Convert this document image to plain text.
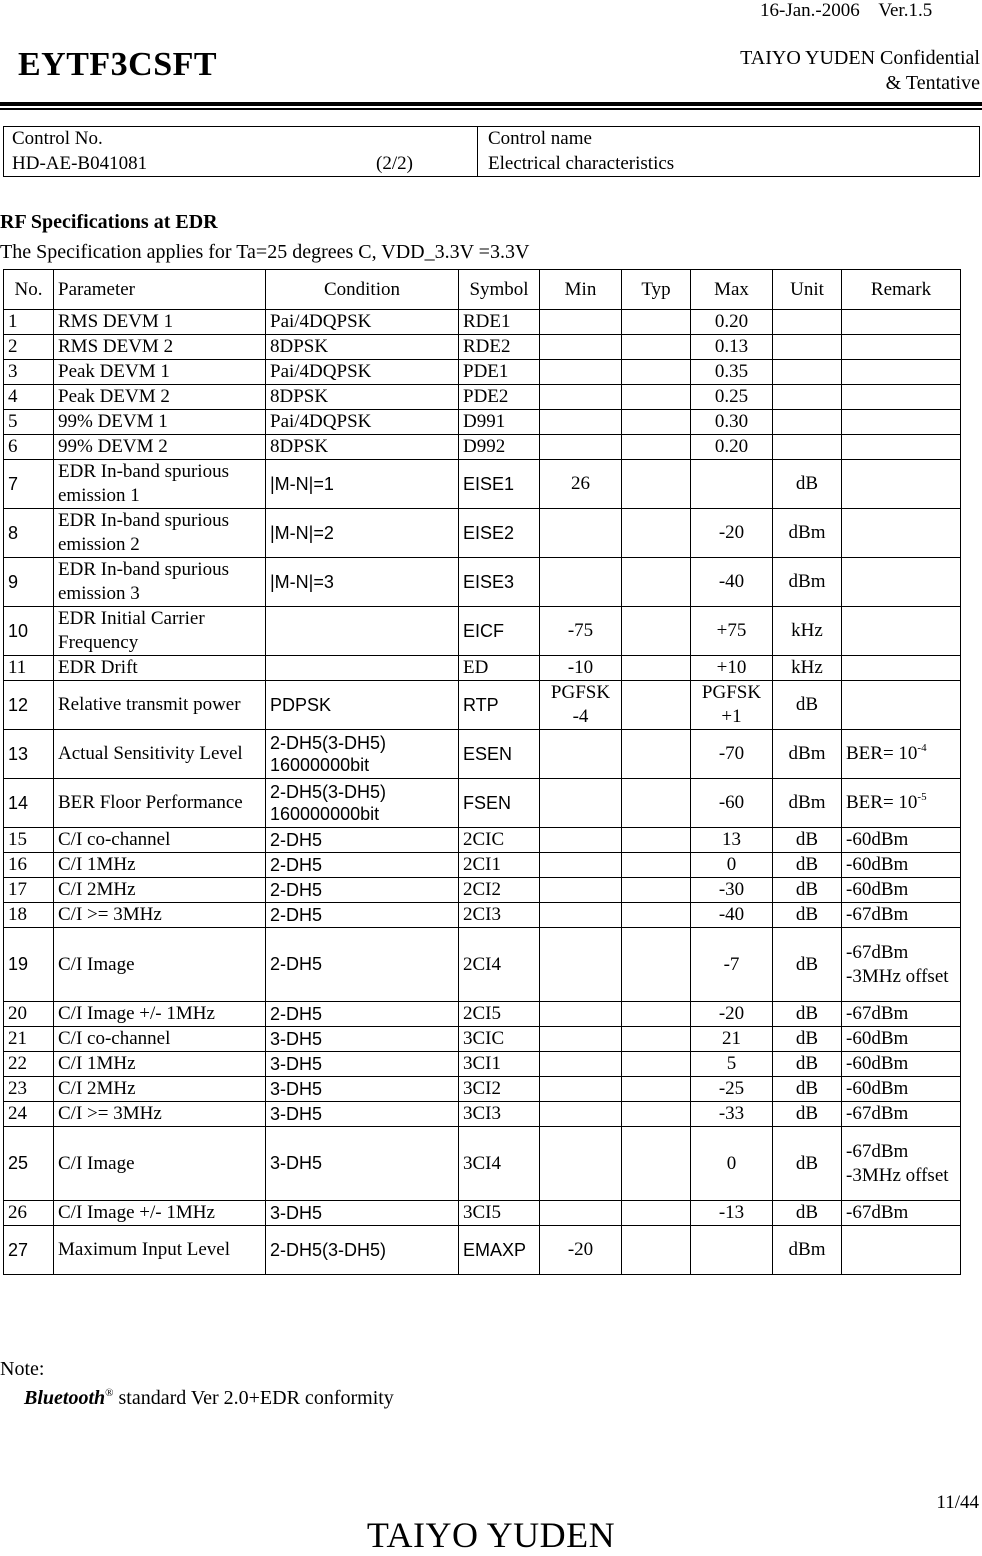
16-Jan.-2006    Ver.1.5
EYTF3CSFT	TAIYO YUDEN Confidential
& Tentative
Control No.
HD-AE-B041081	(2/2)
Control name
Electrical characteristics
RF Specifications at EDR
The Specification applies for Ta=25 degrees C, VDD_3.3V =3.3V
No.	Parameter	Condition	Symbol	Min	Typ	Max	Unit	Remark
1	RMS DEVM 1	Pai/4DQPSK	RDE1			0.20		
2	RMS DEVM 2	8DPSK	RDE2			0.13		
3	Peak DEVM 1	Pai/4DQPSK	PDE1			0.35		
4	Peak DEVM 2	8DPSK	PDE2			0.25		
5	99% DEVM 1	Pai/4DQPSK	D991			0.30		
6	99% DEVM 2	8DPSK	D992			0.20		
7	EDR In-band spurious emission 1	|M-N|=1	EISE1	26			dB	
8	EDR In-band spurious emission 2	|M-N|=2	EISE2			-20	dBm	
9	EDR In-band spurious emission 3	|M-N|=3	EISE3			-40	dBm	
10	EDR Initial Carrier Frequency		EICF	-75		+75	kHz	
11	EDR Drift		ED	-10		+10	kHz	
12	Relative transmit power	PDPSK	RTP	PGFSK -4		PGFSK +1	dB	
13	Actual Sensitivity Level	2-DH5(3-DH5) 16000000bit	ESEN			-70	dBm	$BER= 10^{-4}$
14	BER Floor Performance	2-DH5(3-DH5) 160000000bit	FSEN			-60	dBm	$BER= 10^{-5}$
15	C/I co-channel	2-DH5	2CIC			13	dB	-60dBm
16	C/I 1MHz	2-DH5	2CI1			0	dB	-60dBm
17	C/I 2MHz	2-DH5	2CI2			-30	dB	-60dBm
18	C/I >= 3MHz	2-DH5	2CI3			-40	dB	-67dBm
19	C/I Image	2-DH5	2CI4			-7	dB	-67dBm -3MHz offset
20	C/I Image +/- 1MHz	2-DH5	2CI5			-20	dB	-67dBm
21	C/I co-channel	3-DH5	3CIC			21	dB	-60dBm
22	C/I 1MHz	3-DH5	3CI1			5	dB	-60dBm
23	C/I 2MHz	3-DH5	3CI2			-25	dB	-60dBm
24	C/I >= 3MHz	3-DH5	3CI3			-33	dB	-67dBm
25	C/I Image	3-DH5	3CI4			0	dB	-67dBm -3MHz offset
26	C/I Image +/- 1MHz	3-DH5	3CI5			-13	dB	-67dBm
27	Maximum Input Level	2-DH5(3-DH5)	EMAXP	-20			dBm	
Note:
Bluetooth® standard Ver 2.0+EDR conformity
11/44
TAIYO YUDEN
